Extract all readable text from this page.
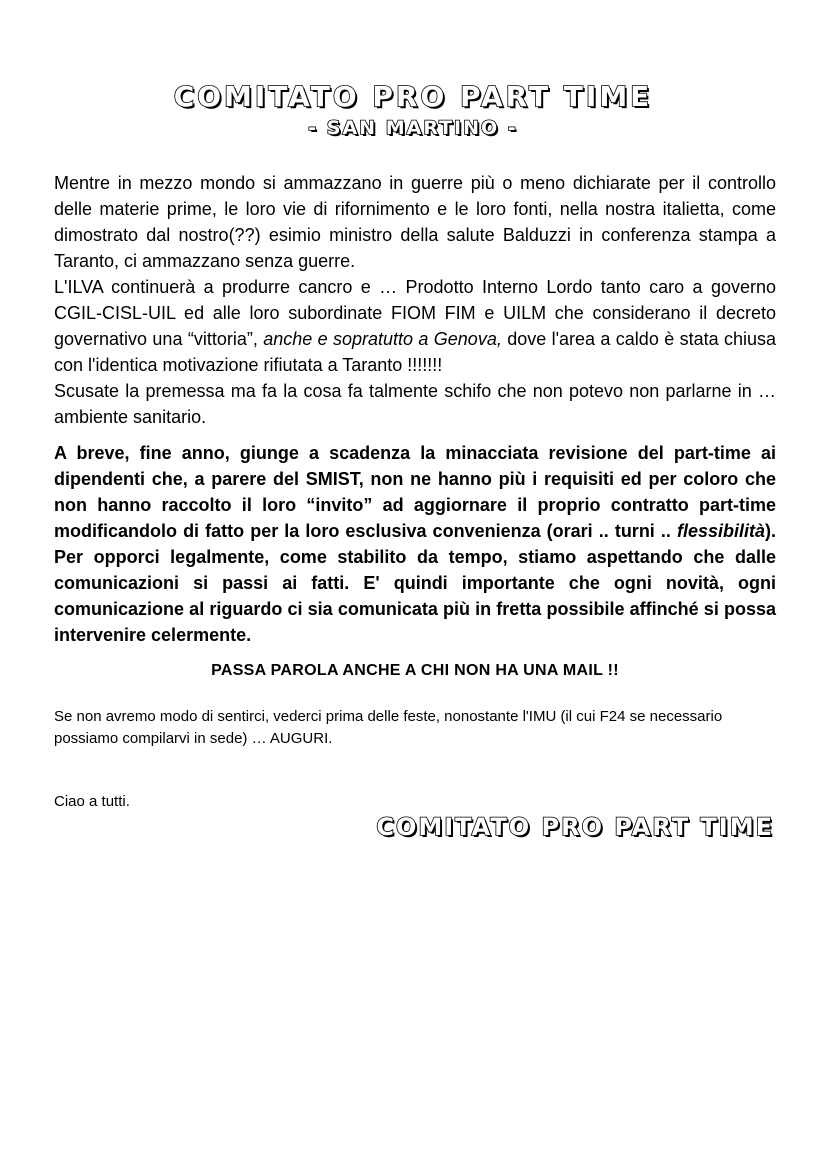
COMITATO PRO PART TIME
- SAN MARTINO -

Mentre in mezzo mondo si ammazzano in guerre più o meno dichiarate per il controllo delle materie prime, le loro vie di rifornimento e le loro fonti, nella nostra italietta, come dimostrato dal nostro(??) esimio ministro della salute Balduzzi in conferenza stampa a Taranto, ci ammazzano senza guerre.
L'ILVA continuerà a produrre cancro e … Prodotto Interno Lordo tanto caro a governo CGIL-CISL-UIL ed alle loro subordinate FIOM FIM e UILM che considerano il decreto governativo una “vittoria”, anche e sopratutto a Genova, dove l'area a caldo è stata chiusa con l'identica motivazione rifiutata a Taranto !!!!!!!
Scusate la premessa ma fa la cosa fa talmente schifo che non potevo non parlarne in … ambiente sanitario.

A breve, fine anno, giunge a scadenza la minacciata revisione del part-time ai dipendenti che, a parere del SMIST, non ne hanno più i requisiti ed per coloro che non hanno raccolto il loro “invito” ad aggiornare il proprio contratto part-time modificandolo di fatto per la loro esclusiva convenienza (orari .. turni .. flessibilità). Per opporci legalmente, come stabilito da tempo, stiamo aspettando che dalle comunicazioni si passi ai fatti. E' quindi importante che ogni novità, ogni comunicazione al riguardo ci sia comunicata più in fretta possibile affinché si possa intervenire celermente.

PASSA PAROLA ANCHE A CHI NON HA UNA MAIL !!

Se non avremo modo di sentirci, vederci prima delle feste, nonostante l'IMU (il cui F24 se necessario possiamo compilarvi in sede) … AUGURI.

Ciao a tutti.
COMITATO PRO PART TIME
